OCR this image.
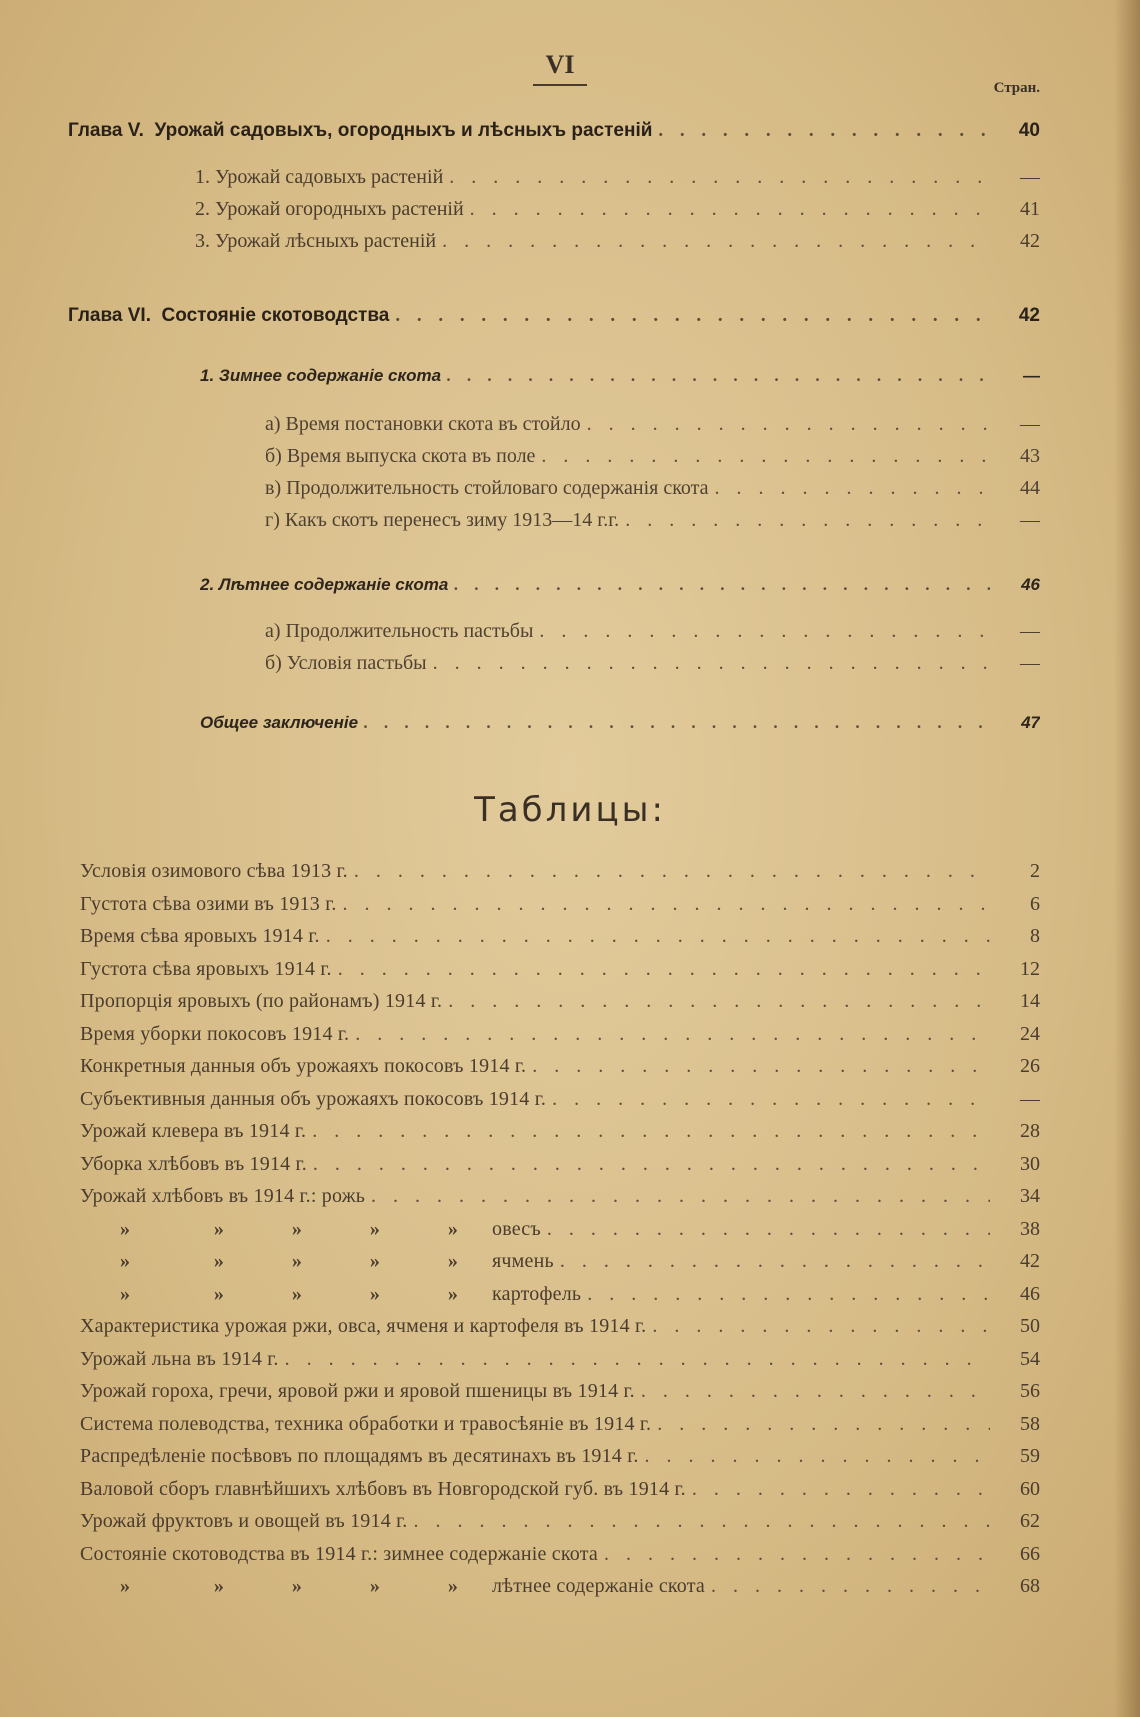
VI
Стран.
Глава V. Урожай садовыхъ, огородныхъ и лѣсныхъ растеній . . .	40
1. Урожай садовыхъ растеній . . .	—
2. Урожай огородныхъ растеній . . .	41
3. Урожай лѣсныхъ растеній . . .	42
Глава VI. Состояніе скотоводства . . .	42
1. Зимнее содержаніе скота . . .	—
а) Время постановки скота въ стойло . . .	—
б) Время выпуска скота въ поле . . .	43
в) Продолжительность стойловаго содержанія скота . . .	44
г) Какъ скотъ перенесъ зиму 1913—14 г.г. . . .	—
2. Лѣтнее содержаніе скота . . .	46
а) Продолжительность пастьбы . . .	—
б) Условія пастьбы . . .	—
Общее заключеніе . . .	47
Таблицы:
Условія озимового сѣва 1913 г. . . .	2
Густота сѣва озими въ 1913 г. . . .	6
Время сѣва яровыхъ 1914 г. . . .	8
Густота сѣва яровыхъ 1914 г. . . .	12
Пропорція яровыхъ (по районамъ) 1914 г. . . .	14
Время уборки покосовъ 1914 г. . . .	24
Конкретныя данныя объ урожаяхъ покосовъ 1914 г. . . .	26
Субъективныя данныя объ урожаяхъ покосовъ 1914 г. . . .	—
Урожай клевера въ 1914 г. . . .	28
Уборка хлѣбовъ въ 1914 г. . . .	30
Урожай хлѣбовъ въ 1914 г.: рожь . . .	34
»	»	»	»	» овесъ . . .	38
»	»	»	»	» ячмень . . .	42
»	»	»	»	» картофель . . .	46
Характеристика урожая ржи, овса, ячменя и картофеля въ 1914 г. . . .	50
Урожай льна въ 1914 г. . . .	54
Урожай гороха, гречи, яровой ржи и яровой пшеницы въ 1914 г. . . .	56
Система полеводства, техника обработки и травосѣяніе въ 1914 г. . . .	58
Распредѣленіе посѣвовъ по площадямъ въ десятинахъ въ 1914 г. . . .	59
Валовой сборъ главнѣйшихъ хлѣбовъ въ Новгородской губ. въ 1914 г. . . .	60
Урожай фруктовъ и овощей въ 1914 г. . . .	62
Состояніе скотоводства въ 1914 г.: зимнее содержаніе скота . . .	66
»	»	»	»	» лѣтнее содержаніе скота . . .	68
